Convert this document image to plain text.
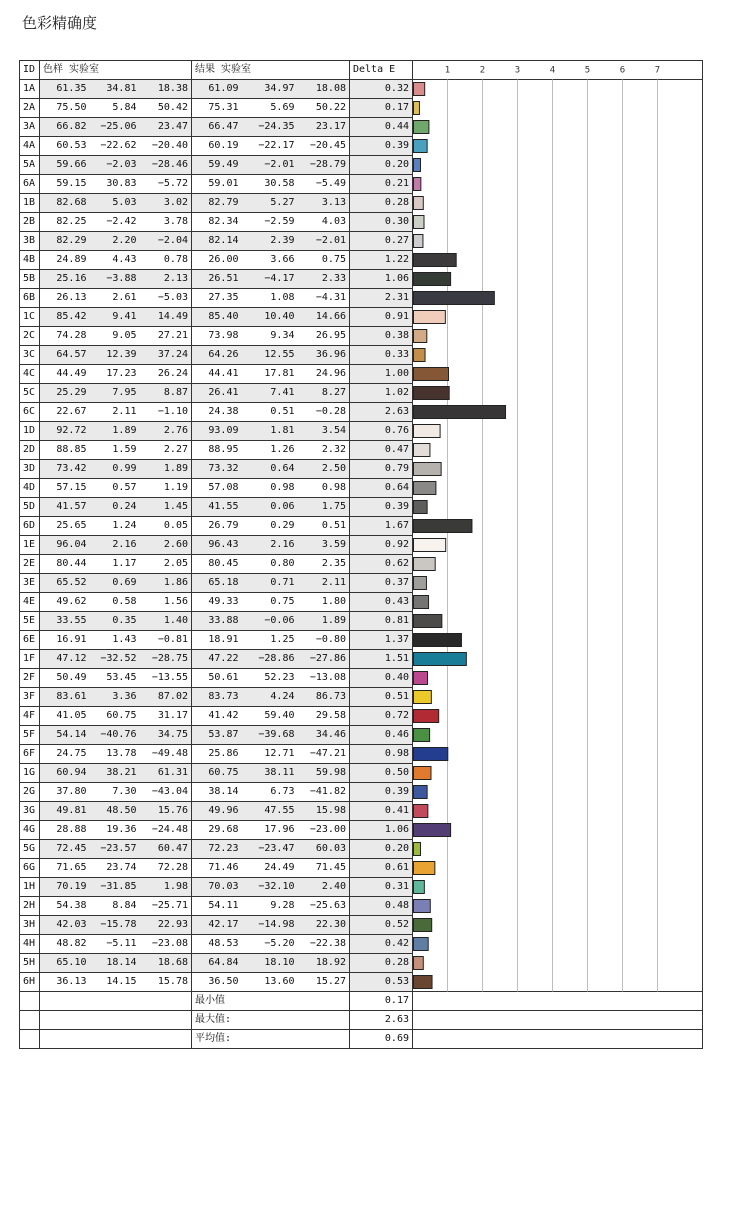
色彩精确度
ID	色样 实验室			结果 实验室			Delta E	
1A	61.35	34.81	18.38	61.09	34.97	18.08	0.32	
2A	75.50	5.84	50.42	75.31	5.69	50.22	0.17	
3A	66.82	−25.06	23.47	66.47	−24.35	23.17	0.44	
4A	60.53	−22.62	−20.40	60.19	−22.17	−20.45	0.39	
5A	59.66	−2.03	−28.46	59.49	−2.01	−28.79	0.20	
6A	59.15	30.83	−5.72	59.01	30.58	−5.49	0.21	
1B	82.68	5.03	3.02	82.79	5.27	3.13	0.28	
2B	82.25	−2.42	3.78	82.34	−2.59	4.03	0.30	
3B	82.29	2.20	−2.04	82.14	2.39	−2.01	0.27	
4B	24.89	4.43	0.78	26.00	3.66	0.75	1.22	
5B	25.16	−3.88	2.13	26.51	−4.17	2.33	1.06	
6B	26.13	2.61	−5.03	27.35	1.08	−4.31	2.31	
1C	85.42	9.41	14.49	85.40	10.40	14.66	0.91	
2C	74.28	9.05	27.21	73.98	9.34	26.95	0.38	
3C	64.57	12.39	37.24	64.26	12.55	36.96	0.33	
4C	44.49	17.23	26.24	44.41	17.81	24.96	1.00	
5C	25.29	7.95	8.87	26.41	7.41	8.27	1.02	
6C	22.67	2.11	−1.10	24.38	0.51	−0.28	2.63	
1D	92.72	1.89	2.76	93.09	1.81	3.54	0.76	
2D	88.85	1.59	2.27	88.95	1.26	2.32	0.47	
3D	73.42	0.99	1.89	73.32	0.64	2.50	0.79	
4D	57.15	0.57	1.19	57.08	0.98	0.98	0.64	
5D	41.57	0.24	1.45	41.55	0.06	1.75	0.39	
6D	25.65	1.24	0.05	26.79	0.29	0.51	1.67	
1E	96.04	2.16	2.60	96.43	2.16	3.59	0.92	
2E	80.44	1.17	2.05	80.45	0.80	2.35	0.62	
3E	65.52	0.69	1.86	65.18	0.71	2.11	0.37	
4E	49.62	0.58	1.56	49.33	0.75	1.80	0.43	
5E	33.55	0.35	1.40	33.88	−0.06	1.89	0.81	
6E	16.91	1.43	−0.81	18.91	1.25	−0.80	1.37	
1F	47.12	−32.52	−28.75	47.22	−28.86	−27.86	1.51	
2F	50.49	53.45	−13.55	50.61	52.23	−13.08	0.40	
3F	83.61	3.36	87.02	83.73	4.24	86.73	0.51	
4F	41.05	60.75	31.17	41.42	59.40	29.58	0.72	
5F	54.14	−40.76	34.75	53.87	−39.68	34.46	0.46	
6F	24.75	13.78	−49.48	25.86	12.71	−47.21	0.98	
1G	60.94	38.21	61.31	60.75	38.11	59.98	0.50	
2G	37.80	7.30	−43.04	38.14	6.73	−41.82	0.39	
3G	49.81	48.50	15.76	49.96	47.55	15.98	0.41	
4G	28.88	19.36	−24.48	29.68	17.96	−23.00	1.06	
5G	72.45	−23.57	60.47	72.23	−23.47	60.03	0.20	
6G	71.65	23.74	72.28	71.46	24.49	71.45	0.61	
1H	70.19	−31.85	1.98	70.03	−32.10	2.40	0.31	
2H	54.38	8.84	−25.71	54.11	9.28	−25.63	0.48	
3H	42.03	−15.78	22.93	42.17	−14.98	22.30	0.52	
4H	48.82	−5.11	−23.08	48.53	−5.20	−22.38	0.42	
5H	65.10	18.14	18.68	64.84	18.10	18.92	0.28	
6H	36.13	14.15	15.78	36.50	13.60	15.27	0.53	
				最小值			0.17	
				最大值:			2.63	
				平均值:			0.69	
1	2	3	4	5	6	7
